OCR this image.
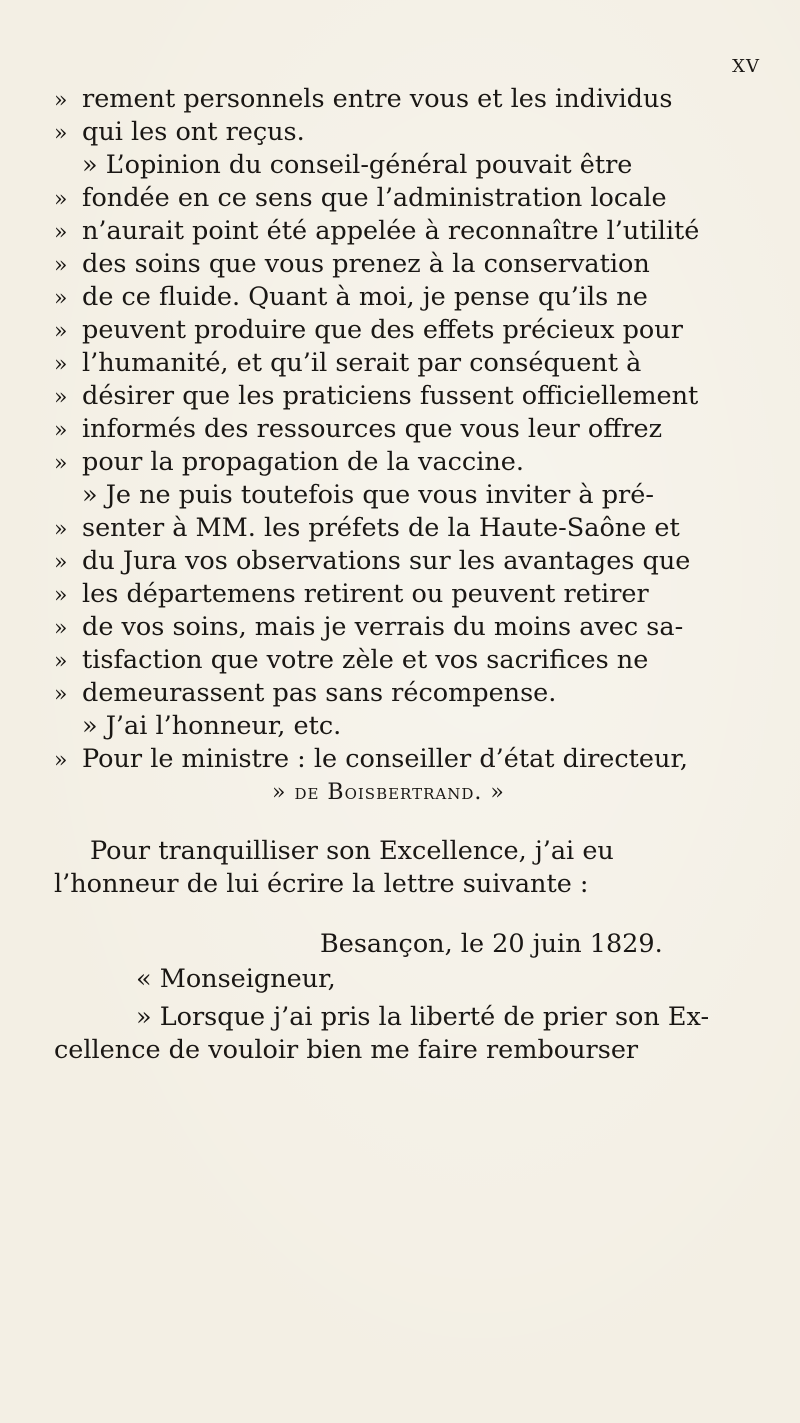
XV
» rement personnels entre vous et les individus
» qui les ont reçus.
» L’opinion du conseil-général pouvait être
» fondée en ce sens que l’administration locale
» n’aurait point été appelée à reconnaître l’utilité
» des soins que vous prenez à la conservation
» de ce fluide. Quant à moi, je pense qu’ils ne
» peuvent produire que des effets précieux pour
» l’humanité, et qu’il serait par conséquent à
» désirer que les praticiens fussent officiellement
» informés des ressources que vous leur offrez
» pour la propagation de la vaccine.
» Je ne puis toutefois que vous inviter à pré-
» senter à MM. les préfets de la Haute-Saône et
» du Jura vos observations sur les avantages que
» les départemens retirent ou peuvent retirer
» de vos soins, mais je verrais du moins avec sa-
» tisfaction que votre zèle et vos sacrifices ne
» demeurassent pas sans récompense.
» J’ai l’honneur, etc.
» Pour le ministre : le conseiller d’état directeur,
» de Boisbertrand. »
Pour tranquilliser son Excellence, j’ai eu
l’honneur de lui écrire la lettre suivante :
Besançon, le 20 juin 1829.
« Monseigneur,
» Lorsque j’ai pris la liberté de prier son Ex-
cellence de vouloir bien me faire rembourser
